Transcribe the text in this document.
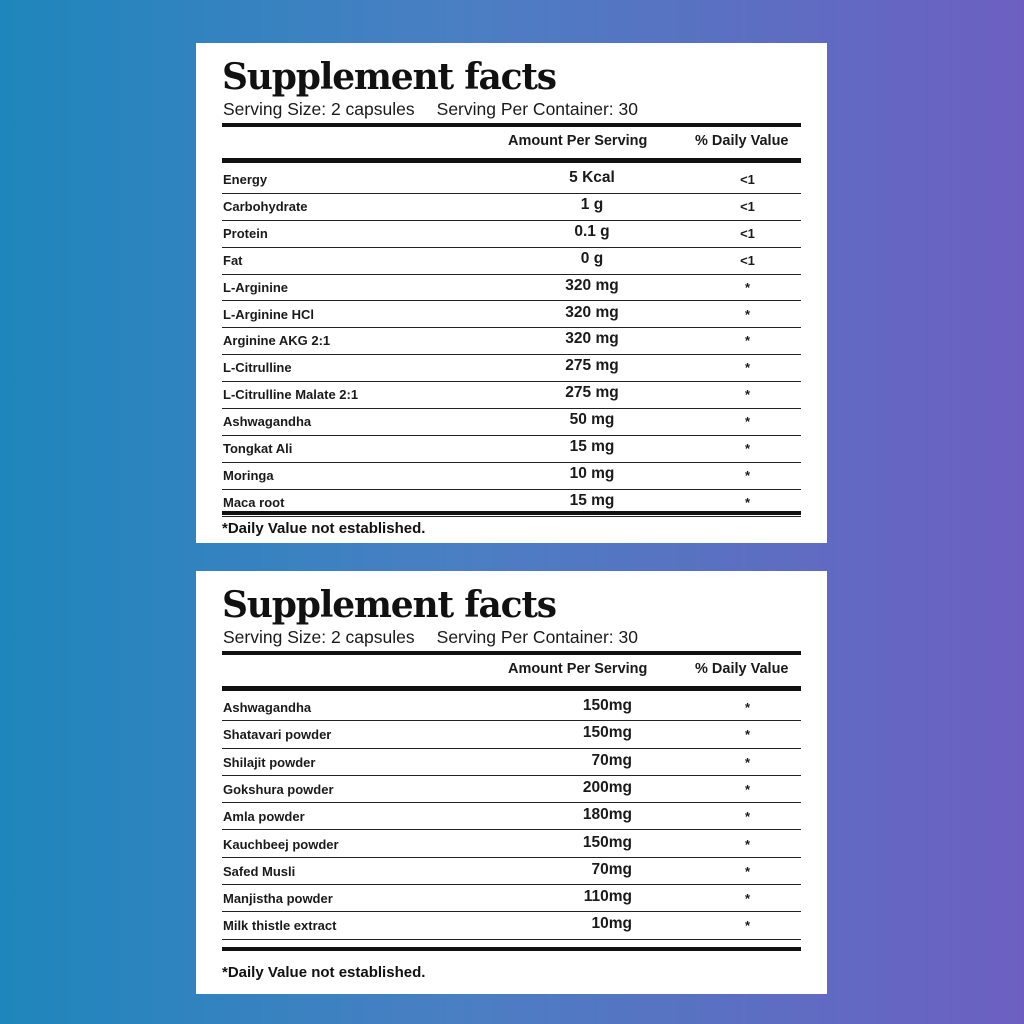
Supplement facts
Serving Size: 2 capsules Serving Per Container: 30
Amount Per Serving	% Daily Value
Energy	5 Kcal	<1
Carbohydrate	1 g	<1
Protein	0.1 g	<1
Fat	0 g	<1
L-Arginine	320 mg	*
L-Arginine HCl	320 mg	*
Arginine AKG 2:1	320 mg	*
L-Citrulline	275 mg	*
L-Citrulline Malate 2:1	275 mg	*
Ashwagandha	50 mg	*
Tongkat Ali	15 mg	*
Moringa	10 mg	*
Maca root	15 mg	*
*Daily Value not established.
Supplement facts
Serving Size: 2 capsules Serving Per Container: 30
Amount Per Serving	% Daily Value
Ashwagandha	150mg	*
Shatavari powder	150mg	*
Shilajit powder	70mg	*
Gokshura powder	200mg	*
Amla powder	180mg	*
Kauchbeej powder	150mg	*
Safed Musli	70mg	*
Manjistha powder	110mg	*
Milk thistle extract	10mg	*
*Daily Value not established.
